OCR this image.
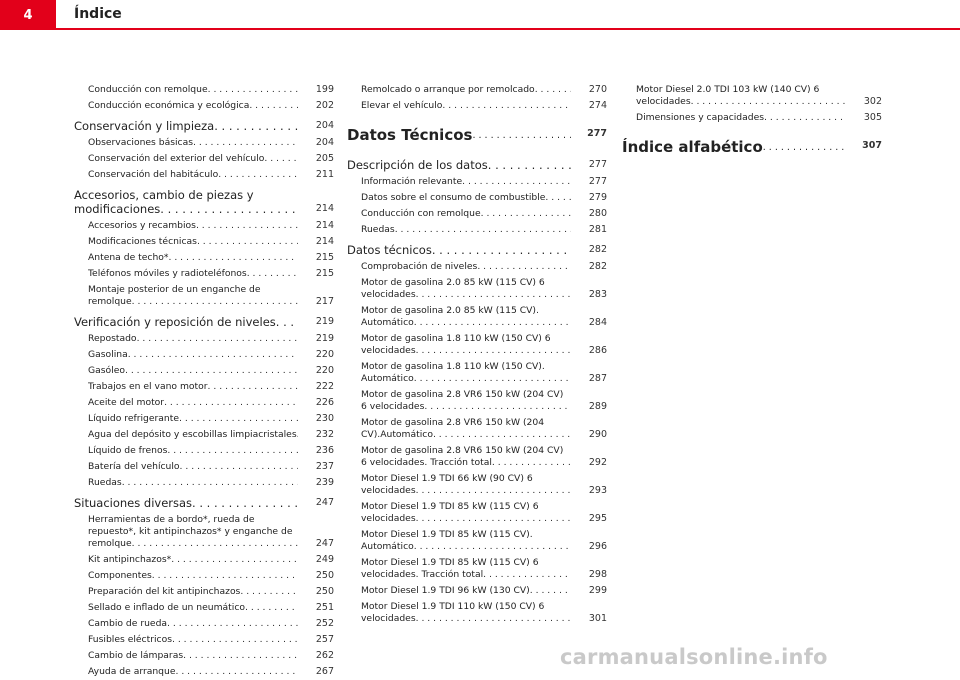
4	Índice
Conducción con remolque . . .	199
Conducción económica y ecológica . . .	202
Conservación y limpieza . . .	204
Observaciones básicas . . .	204
Conservación del exterior del vehículo . . .	205
Conservación del habitáculo . . .	211
Accesorios, cambio de piezas y modificaciones . . .	214
Accesorios y recambios . . .	214
Modificaciones técnicas . . .	214
Antena de techo* . . .	215
Teléfonos móviles y radioteléfonos . . .	215
Montaje posterior de un enganche de remolque . . .	217
Verificación y reposición de niveles . . .	219
Repostado . . .	219
Gasolina . . .	220
Gasóleo . . .	220
Trabajos en el vano motor . . .	222
Aceite del motor . . .	226
Líquido refrigerante . . .	230
Agua del depósito y escobillas limpiacristales . . .	232
Líquido de frenos . . .	236
Batería del vehículo . . .	237
Ruedas . . .	239
Situaciones diversas . . .	247
Herramientas de a bordo*, rueda de repuesto*, kit antipinchazos* y enganche de remolque . . .	247
Kit antipinchazos* . . .	249
Componentes . . .	250
Preparación del kit antipinchazos . . .	250
Sellado e inflado de un neumático . . .	251
Cambio de rueda . . .	252
Fusibles eléctricos . . .	257
Cambio de lámparas . . .	262
Ayuda de arranque . . .	267
Remolcado o arranque por remolcado . . .	270
Elevar el vehículo . . .	274
Datos Técnicos . . .	277
Descripción de los datos . . .	277
Información relevante . . .	277
Datos sobre el consumo de combustible . . .	279
Conducción con remolque . . .	280
Ruedas . . .	281
Datos técnicos . . .	282
Comprobación de niveles . . .	282
Motor de gasolina 2.0 85 kW (115 CV) 6 velocidades . . .	283
Motor de gasolina 2.0 85 kW (115 CV). Automático . . .	284
Motor de gasolina 1.8 110 kW (150 CV) 6 velocidades . . .	286
Motor de gasolina 1.8 110 kW (150 CV). Automático . . .	287
Motor de gasolina 2.8 VR6 150 kW (204 CV) 6 velocidades . . .	289
Motor de gasolina 2.8 VR6 150 kW (204 CV).Automático . . .	290
Motor de gasolina 2.8 VR6 150 kW (204 CV) 6 velocidades. Tracción total . . .	292
Motor Diesel 1.9 TDI 66 kW (90 CV) 6 velocidades . . .	293
Motor Diesel 1.9 TDI 85 kW (115 CV) 6 velocidades . . .	295
Motor Diesel 1.9 TDI 85 kW (115 CV). Automático . . .	296
Motor Diesel 1.9 TDI 85 kW (115 CV) 6 velocidades. Tracción total . . .	298
Motor Diesel 1.9 TDI 96 kW (130 CV) . . .	299
Motor Diesel 1.9 TDI 110 kW (150 CV) 6 velocidades . . .	301
Motor Diesel 2.0 TDI 103 kW (140 CV) 6 velocidades . . .	302
Dimensiones y capacidades . . .	305
Índice alfabético . . .	307
carmanualsonline.info
